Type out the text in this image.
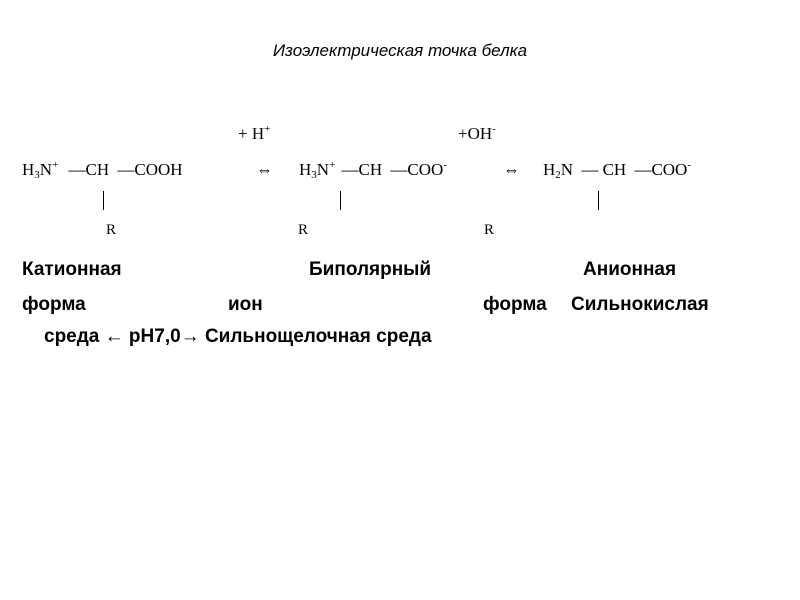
Изоэлектрическая точка белка
+ H+	+OH-
$H_3N^+$ —CH —COOH
R
⇔ $H_3N^+$ —CH —COO-
R
⇔ $H_2N$ — CH —COO-
R
Катионная	Биполярный	Анионная
форма	ион	форма Сильнокислая
среда ← pH7,0→ Сильнощелочная среда
